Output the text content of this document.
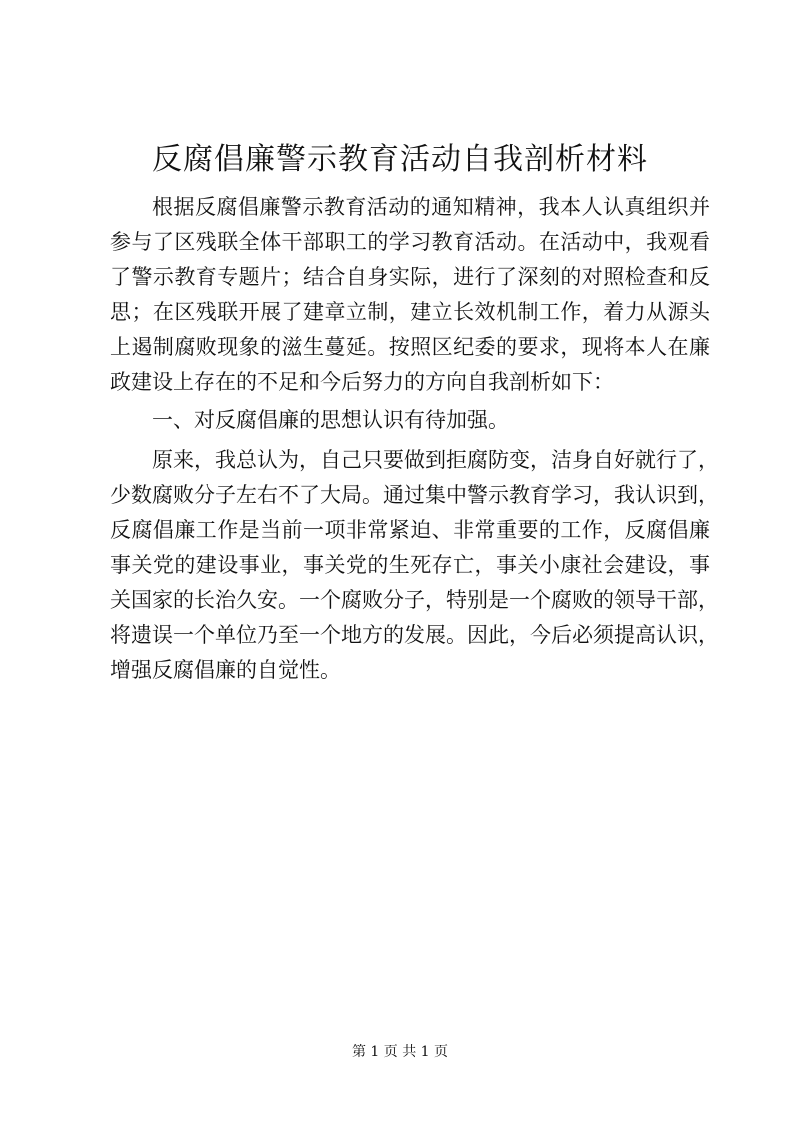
反腐倡廉警示教育活动自我剖析材料
根据反腐倡廉警示教育活动的通知精神，我本人认真组织并
参与了区残联全体干部职工的学习教育活动。在活动中，我观看
了警示教育专题片；结合自身实际，进行了深刻的对照检查和反
思；在区残联开展了建章立制，建立长效机制工作，着力从源头
上遏制腐败现象的滋生蔓延。按照区纪委的要求，现将本人在廉
政建设上存在的不足和今后努力的方向自我剖析如下：
一、对反腐倡廉的思想认识有待加强。
原来，我总认为，自己只要做到拒腐防变，洁身自好就行了，
少数腐败分子左右不了大局。通过集中警示教育学习，我认识到，
反腐倡廉工作是当前一项非常紧迫、非常重要的工作，反腐倡廉
事关党的建设事业，事关党的生死存亡，事关小康社会建设，事
关国家的长治久安。一个腐败分子，特别是一个腐败的领导干部，
将遗误一个单位乃至一个地方的发展。因此，今后必须提高认识，
增强反腐倡廉的自觉性。
第 1 页 共 1 页
